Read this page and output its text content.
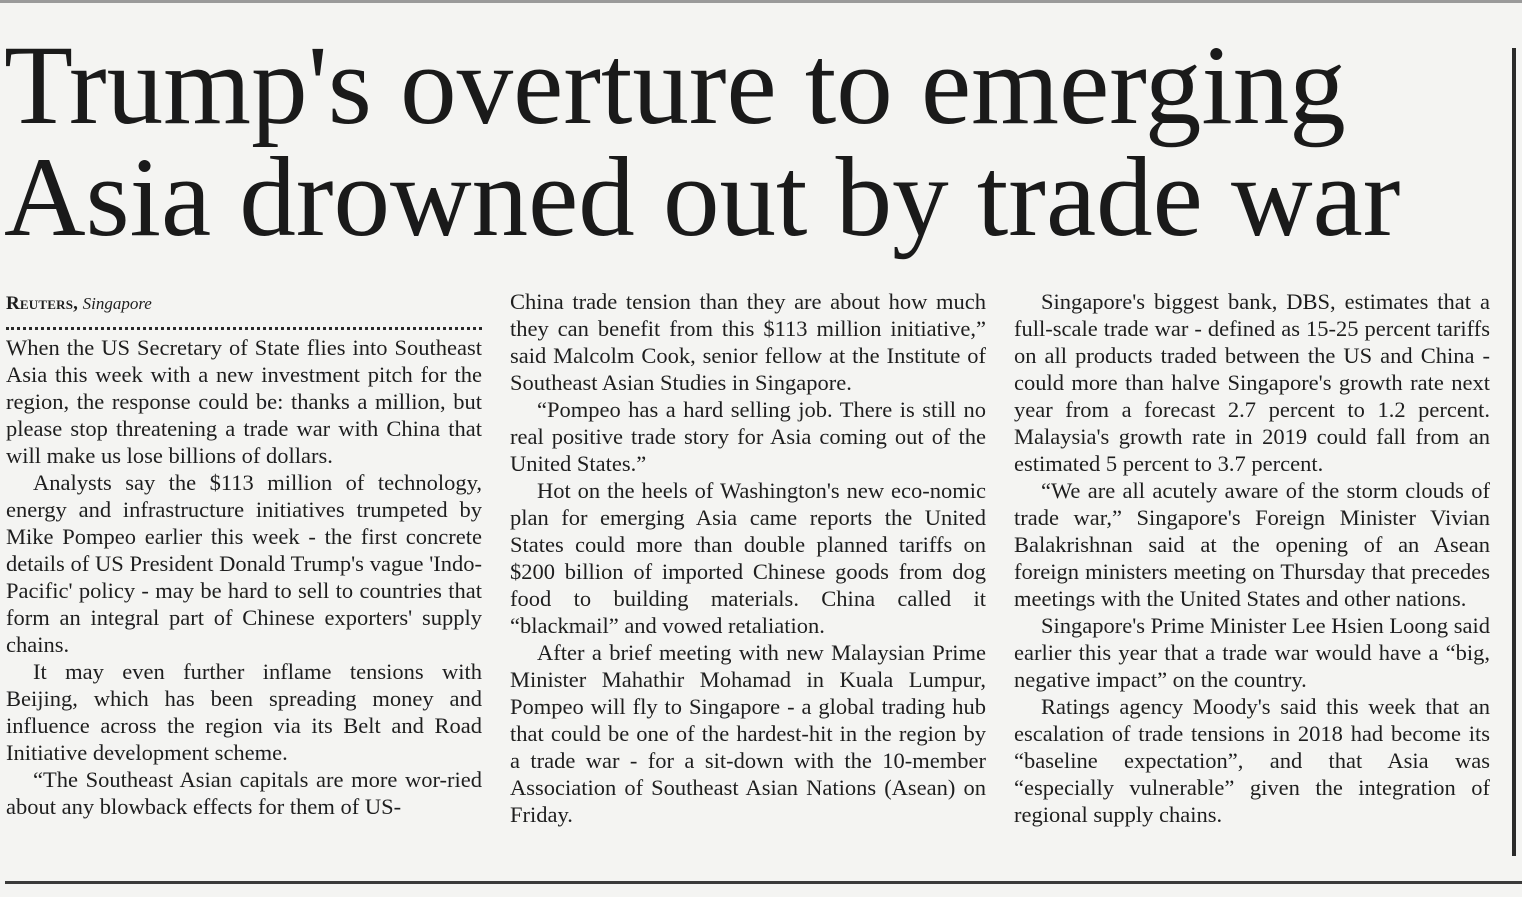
Trump's overture to emerging
Asia drowned out by trade war
Reuters, Singapore

When the US Secretary of State flies into Southeast Asia this week with a new investment pitch for the region, the response could be: thanks a million, but please stop threatening a trade war with China that will make us lose billions of dollars.

Analysts say the $113 million of technology, energy and infrastructure initiatives trumpeted by Mike Pompeo earlier this week - the first concrete details of US President Donald Trump's vague 'Indo-Pacific' policy - may be hard to sell to countries that form an integral part of Chinese exporters' supply chains.

It may even further inflame tensions with Beijing, which has been spreading money and influence across the region via its Belt and Road Initiative development scheme.

“The Southeast Asian capitals are more wor-ried about any blowback effects for them of US-

China trade tension than they are about how much they can benefit from this $113 million initiative,” said Malcolm Cook, senior fellow at the Institute of Southeast Asian Studies in Singapore.

“Pompeo has a hard selling job. There is still no real positive trade story for Asia coming out of the United States.”

Hot on the heels of Washington's new eco-nomic plan for emerging Asia came reports the United States could more than double planned tariffs on $200 billion of imported Chinese goods from dog food to building materials. China called it “blackmail” and vowed retaliation.

After a brief meeting with new Malaysian Prime Minister Mahathir Mohamad in Kuala Lumpur, Pompeo will fly to Singapore - a global trading hub that could be one of the hardest-hit in the region by a trade war - for a sit-down with the 10-member Association of Southeast Asian Nations (Asean) on Friday.

Singapore's biggest bank, DBS, estimates that a full-scale trade war - defined as 15-25 percent tariffs on all products traded between the US and China - could more than halve Singapore's growth rate next year from a forecast 2.7 percent to 1.2 percent. Malaysia's growth rate in 2019 could fall from an estimated 5 percent to 3.7 percent.

“We are all acutely aware of the storm clouds of trade war,” Singapore's Foreign Minister Vivian Balakrishnan said at the opening of an Asean foreign ministers meeting on Thursday that precedes meetings with the United States and other nations.

Singapore's Prime Minister Lee Hsien Loong said earlier this year that a trade war would have a “big, negative impact” on the country.

Ratings agency Moody's said this week that an escalation of trade tensions in 2018 had become its “baseline expectation”, and that Asia was “especially vulnerable” given the integration of regional supply chains.
